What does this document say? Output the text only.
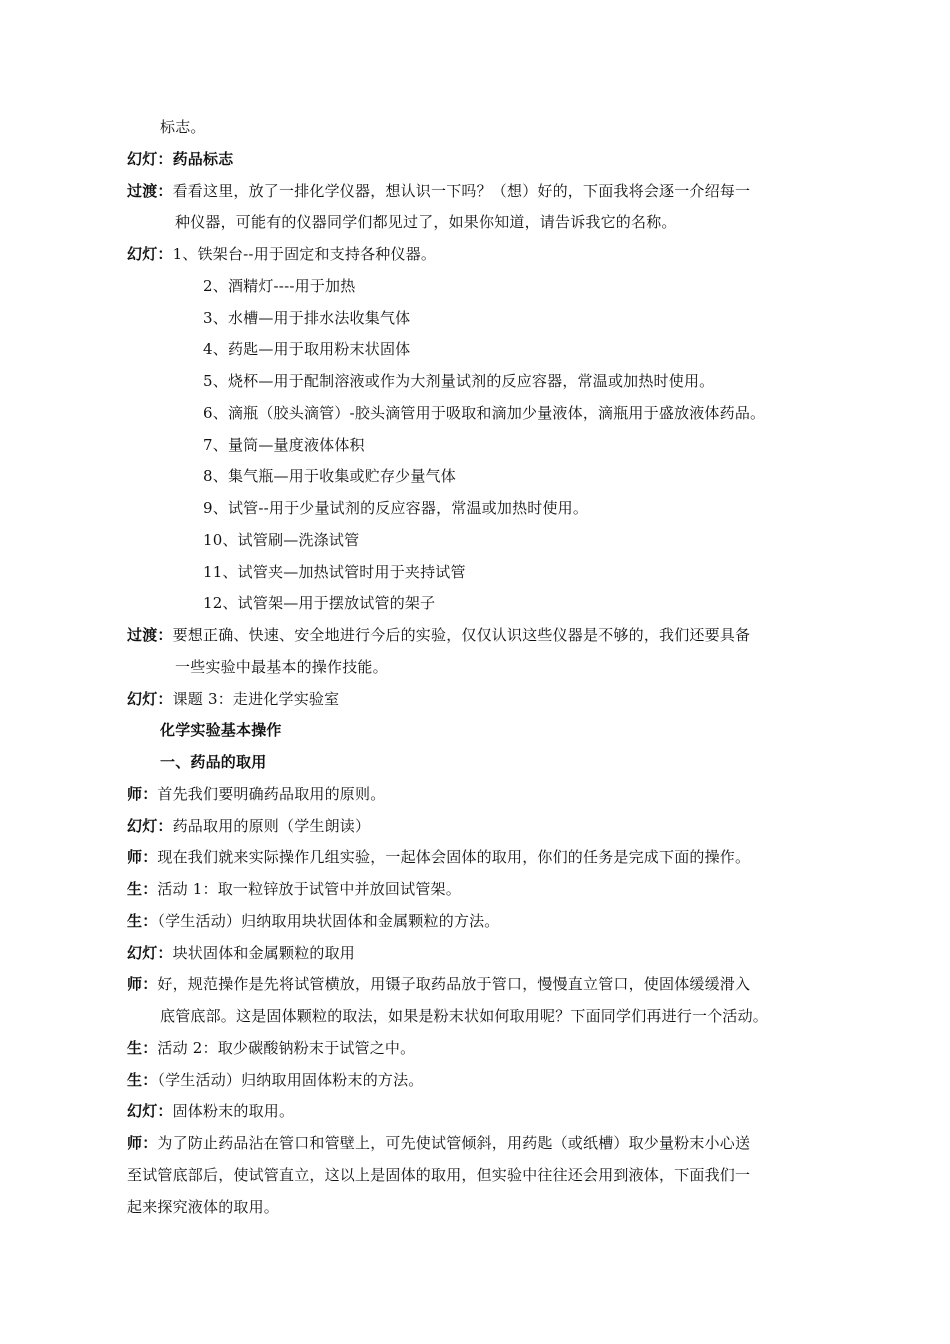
标志。
幻灯：药品标志
过渡：看看这里，放了一排化学仪器，想认识一下吗？（想）好的，下面我将会逐一介绍每一
种仪器，可能有的仪器同学们都见过了，如果你知道，请告诉我它的名称。
幻灯：1、铁架台--用于固定和支持各种仪器。
2、酒精灯----用于加热
3、水槽—用于排水法收集气体
4、药匙—用于取用粉末状固体
5、烧杯—用于配制溶液或作为大剂量试剂的反应容器，常温或加热时使用。
6、滴瓶（胶头滴管）-胶头滴管用于吸取和滴加少量液体，滴瓶用于盛放液体药品。
7、量筒—量度液体体积
8、集气瓶—用于收集或贮存少量气体
9、试管--用于少量试剂的反应容器，常温或加热时使用。
10、试管刷—洗涤试管
11、试管夹—加热试管时用于夹持试管
12、试管架—用于摆放试管的架子
过渡：要想正确、快速、安全地进行今后的实验，仅仅认识这些仪器是不够的，我们还要具备
一些实验中最基本的操作技能。
幻灯：课题 3：走进化学实验室
化学实验基本操作
一、药品的取用
师：首先我们要明确药品取用的原则。
幻灯：药品取用的原则（学生朗读）
师：现在我们就来实际操作几组实验，一起体会固体的取用，你们的任务是完成下面的操作。
生：活动 1：取一粒锌放于试管中并放回试管架。
生：（学生活动）归纳取用块状固体和金属颗粒的方法。
幻灯：块状固体和金属颗粒的取用
师：好，规范操作是先将试管横放，用镊子取药品放于管口，慢慢直立管口，使固体缓缓滑入
底管底部。这是固体颗粒的取法，如果是粉末状如何取用呢？下面同学们再进行一个活动。
生：活动 2：取少碳酸钠粉末于试管之中。
生：（学生活动）归纳取用固体粉末的方法。
幻灯：固体粉末的取用。
师：为了防止药品沾在管口和管壁上，可先使试管倾斜，用药匙（或纸槽）取少量粉末小心送
至试管底部后，使试管直立，这以上是固体的取用，但实验中往往还会用到液体，下面我们一
起来探究液体的取用。
